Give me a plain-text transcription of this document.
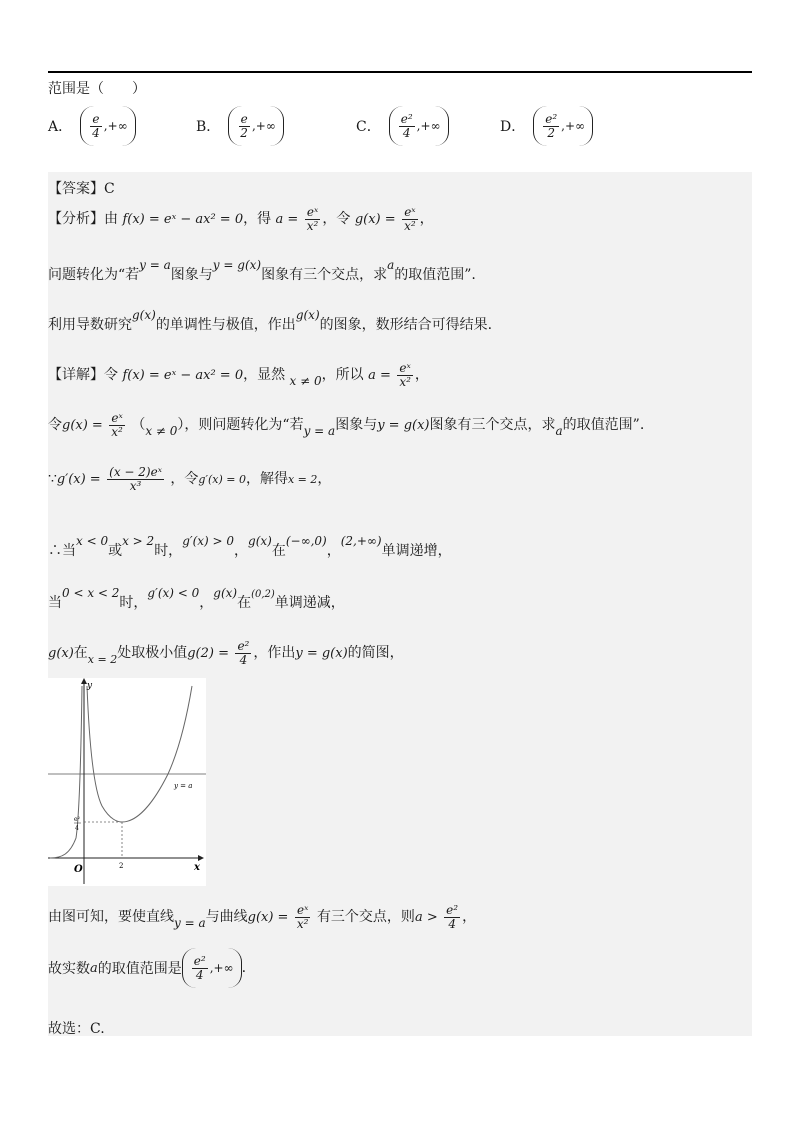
范围是（　　）
A． $\frac{e}{4}$ ,+∞	B． $\frac{e}{2}$ ,+∞	C． $\frac{\text{e²}}{4}$ ,+∞	D． $\frac{\text{e²}}{2}$ ,+∞
【答案】C
【分析】由 f(x) = eˣ − ax² = 0，得 $a = \frac{\text{eˣ}}{\text{x²}}$ ，令 $g(x) = \frac{\text{eˣ}}{\text{x²}}$ ，
问题转化为“若y = a图象与y = g(x)图象有三个交点，求a的取值范围”.
利用导数研究g(x)的单调性与极值，作出g(x)的图象，数形结合可得结果.
【详解】令 f(x) = eˣ − ax² = 0，显然 x ≠ 0，所以 $a = \frac{\text{eˣ}}{\text{x²}}$ ，
令$g(x) = \frac{\text{eˣ}}{\text{x²}} (x \ne 0)$，则问题转化为“若y = a图象与y = g(x)图象有三个交点，求a的取值范围”.
∵g′(x) = $\frac{\text{(x − 2)eˣ}}{\text{x³}}$ ，令g′(x) = 0，解得x = 2，
∴当x < 0或x > 2时，g′(x) > 0，g(x)在(−∞,0)，(2,+∞)单调递增，
当0 < x < 2时，g′(x) < 0，g(x)在(0,2)单调递减，
g(x)在x = 2处取极小值$g(2) = \frac{\text{e²}}{4}$ ，作出y = g(x)的简图，
y
x
O	2
e²
4
y = a
由图可知，要使直线y = a与曲线$g(x) = \frac{\text{eˣ}}{\text{x²}}$ 有三个交点，则$a > \frac{\text{e²}}{4}$ ，
故实数 a 的取值范围是 $\frac{\text{e²}}{4}$ ,+∞ .
故选：C.
